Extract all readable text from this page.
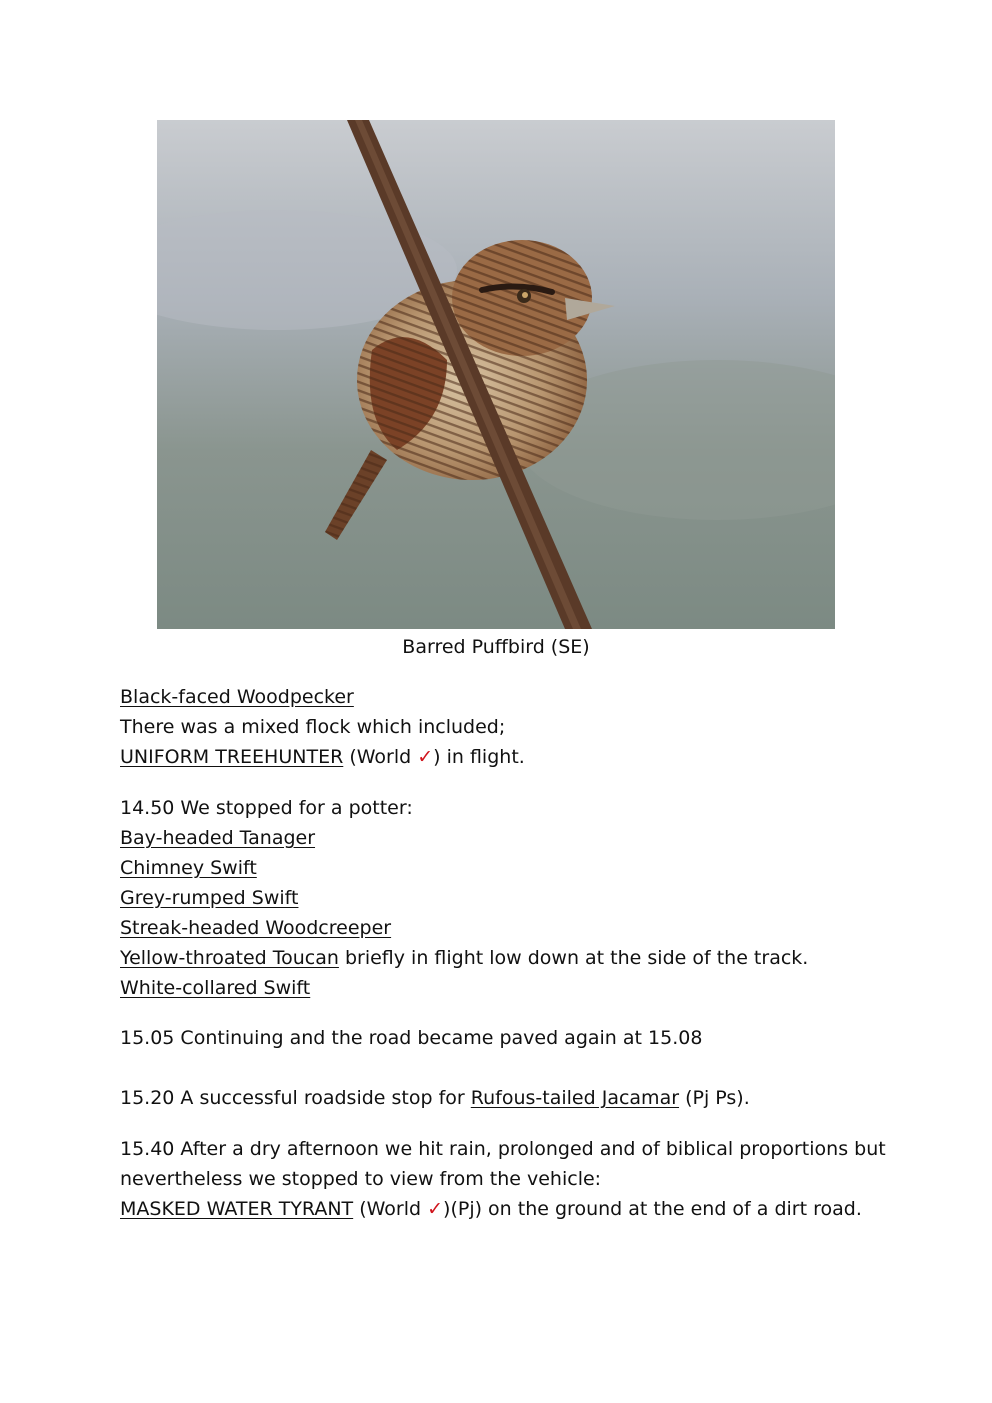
Barred Puffbird (SE)
Black-faced Woodpecker
There was a mixed flock which included;
UNIFORM TREEHUNTER (World ✓) in flight.
14.50 We stopped for a potter:
Bay-headed Tanager
Chimney Swift
Grey-rumped Swift
Streak-headed Woodcreeper
Yellow-throated Toucan briefly in flight low down at the side of the track.
White-collared Swift
15.05 Continuing and the road became paved again at 15.08
15.20 A successful roadside stop for Rufous-tailed Jacamar (Pj Ps).
15.40 After a dry afternoon we hit rain, prolonged and of biblical proportions but
nevertheless we stopped to view from the vehicle:
MASKED WATER TYRANT (World ✓)(Pj) on the ground at the end of a dirt road.
